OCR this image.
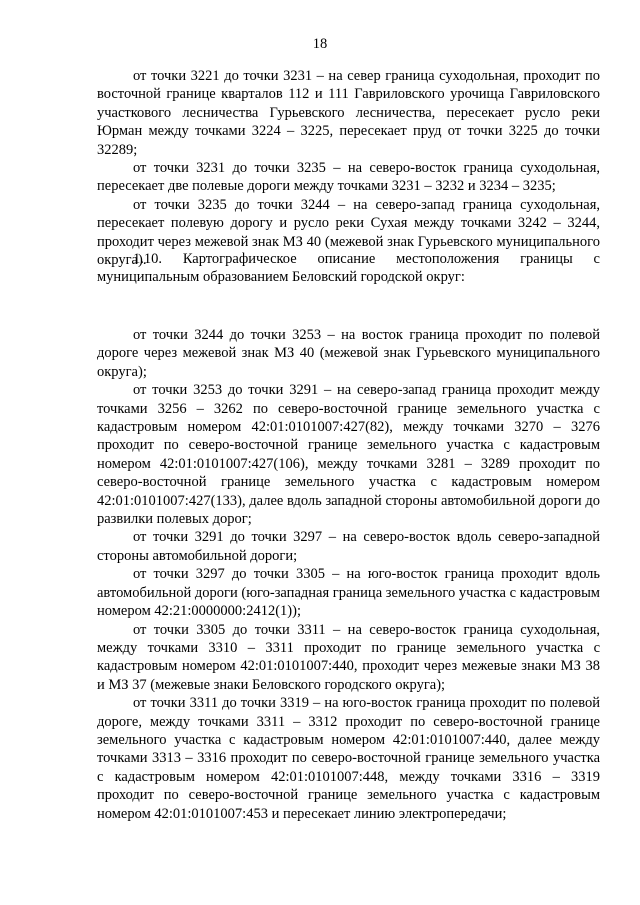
18

от точки 3221 до точки 3231 – на север граница суходольная, проходит по восточной границе кварталов 112 и 111 Гавриловского урочища Гавриловского участкового лесничества Гурьевского лесничества, пересекает русло реки Юрман между точками 3224 – 3225, пересекает пруд от точки 3225 до точки 32289;

от точки 3231 до точки 3235 – на северо-восток граница суходольная, пересекает две полевые дороги между точками 3231 – 3232 и 3234 – 3235;

от точки 3235 до точки 3244 – на северо-запад граница суходольная, пересекает полевую дорогу и русло реки Сухая между точками 3242 – 3244, проходит через межевой знак МЗ 40 (межевой знак Гурьевского муниципального округа).

1.10. Картографическое описание местоположения границы с муниципальным образованием Беловский городской округ:

от точки 3244 до точки 3253 – на восток граница проходит по полевой дороге через межевой знак МЗ 40 (межевой знак Гурьевского муниципального округа);

от точки 3253 до точки 3291 – на северо-запад граница проходит между точками 3256 – 3262 по северо-восточной границе земельного участка с кадастровым номером 42:01:0101007:427(82), между точками 3270 – 3276 проходит по северо-восточной границе земельного участка с кадастровым номером 42:01:0101007:427(106), между точками 3281 – 3289 проходит по северо-восточной границе земельного участка с кадастровым номером 42:01:0101007:427(133), далее вдоль западной стороны автомобильной дороги до развилки полевых дорог;

от точки 3291 до точки 3297 – на северо-восток вдоль северо-западной стороны автомобильной дороги;

от точки 3297 до точки 3305 – на юго-восток граница проходит вдоль автомобильной дороги (юго-западная граница земельного участка с кадастровым номером 42:21:0000000:2412(1));

от точки 3305 до точки 3311 – на северо-восток граница суходольная, между точками 3310 – 3311 проходит по границе земельного участка с кадастровым номером 42:01:0101007:440, проходит через межевые знаки МЗ 38 и МЗ 37 (межевые знаки Беловского городского округа);

от точки 3311 до точки 3319 – на юго-восток граница проходит по полевой дороге, между точками 3311 – 3312 проходит по северо-восточной границе земельного участка с кадастровым номером 42:01:0101007:440, далее между точками 3313 – 3316 проходит по северо-восточной границе земельного участка с кадастровым номером 42:01:0101007:448, между точками 3316 – 3319 проходит по северо-восточной границе земельного участка с кадастровым номером 42:01:0101007:453 и пересекает линию электропередачи;
